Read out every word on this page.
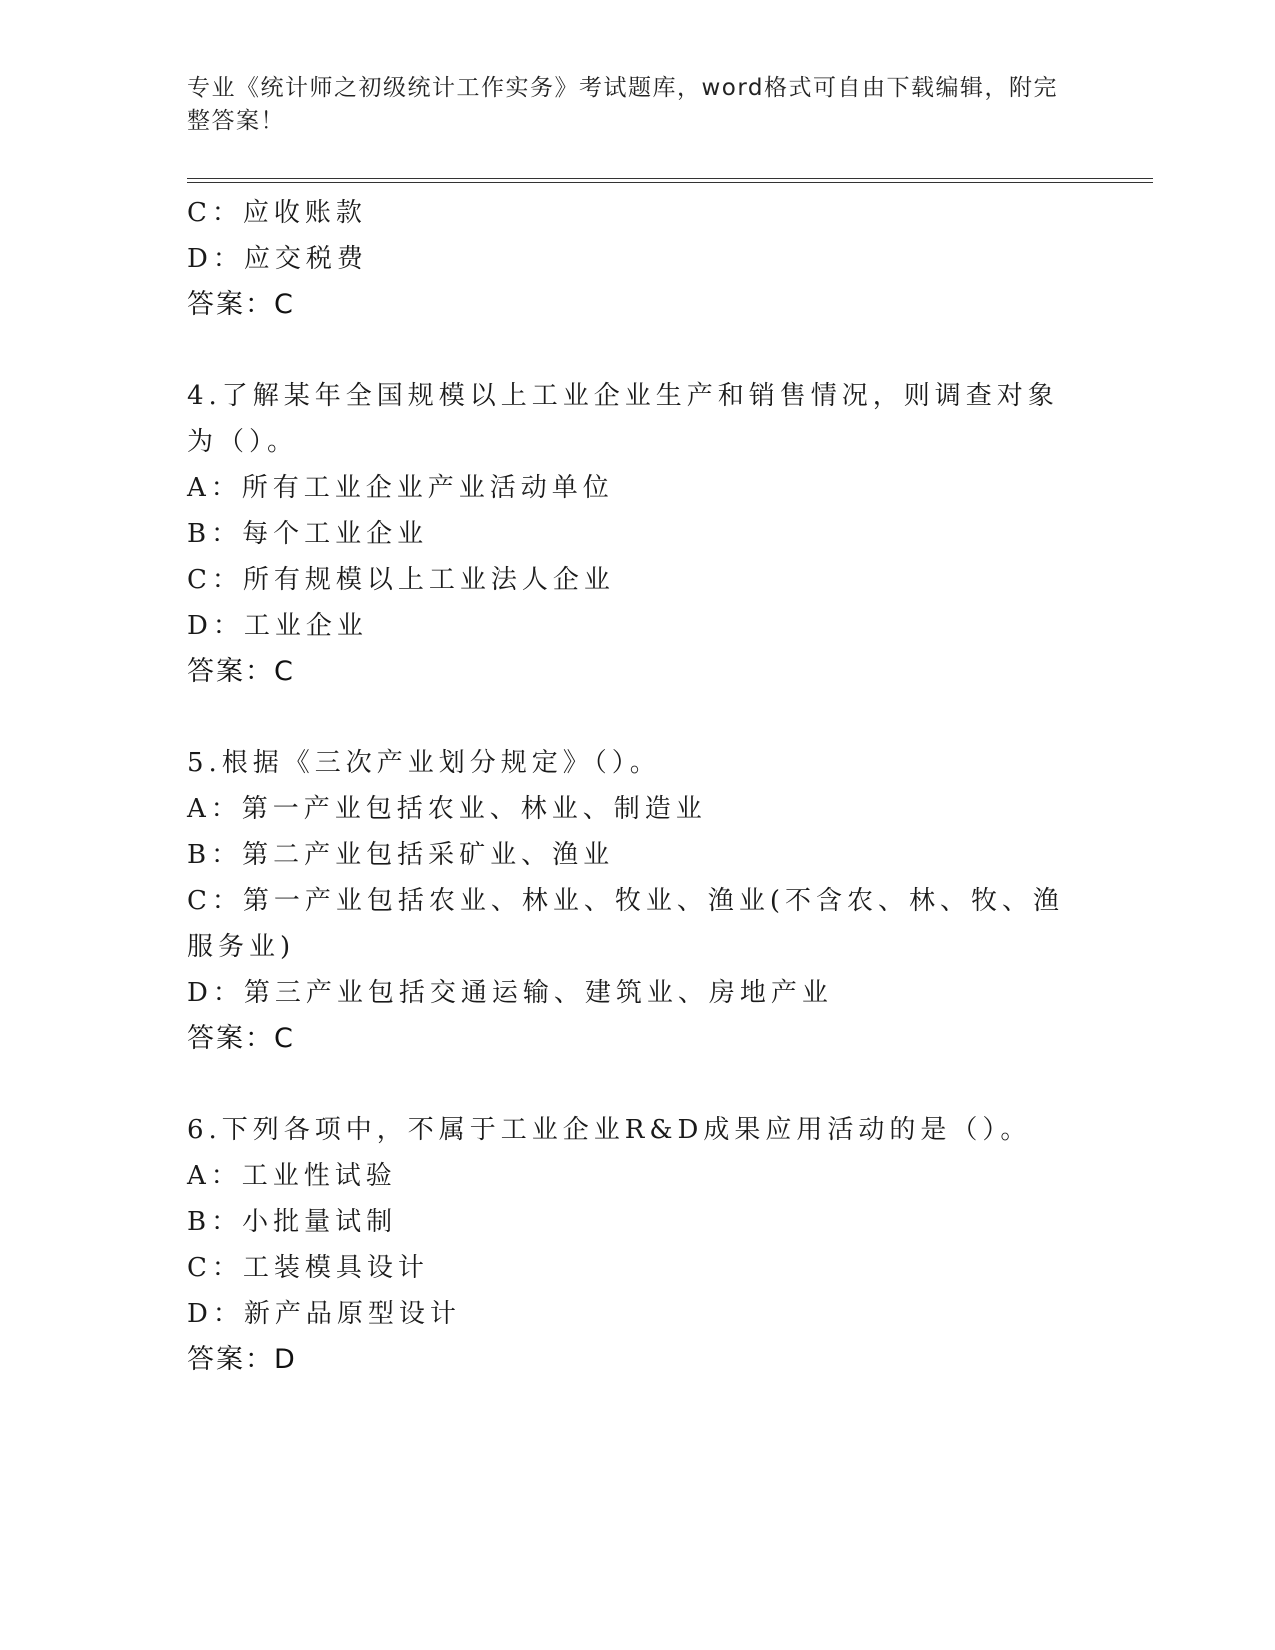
专业《统计师之初级统计工作实务》考试题库，word格式可自由下载编辑，附完
整答案！
C：应收账款
D：应交税费
答案：C
4.了解某年全国规模以上工业企业生产和销售情况，则调查对象为（）。
A：所有工业企业产业活动单位
B：每个工业企业
C：所有规模以上工业法人企业
D：工业企业
答案：C
5.根据《三次产业划分规定》（）。
A：第一产业包括农业、林业、制造业
B：第二产业包括采矿业、渔业
C：第一产业包括农业、林业、牧业、渔业(不含农、林、牧、渔服务业)
D：第三产业包括交通运输、建筑业、房地产业
答案：C
6.下列各项中，不属于工业企业R&D成果应用活动的是（）。
A：工业性试验
B：小批量试制
C：工装模具设计
D：新产品原型设计
答案：D
